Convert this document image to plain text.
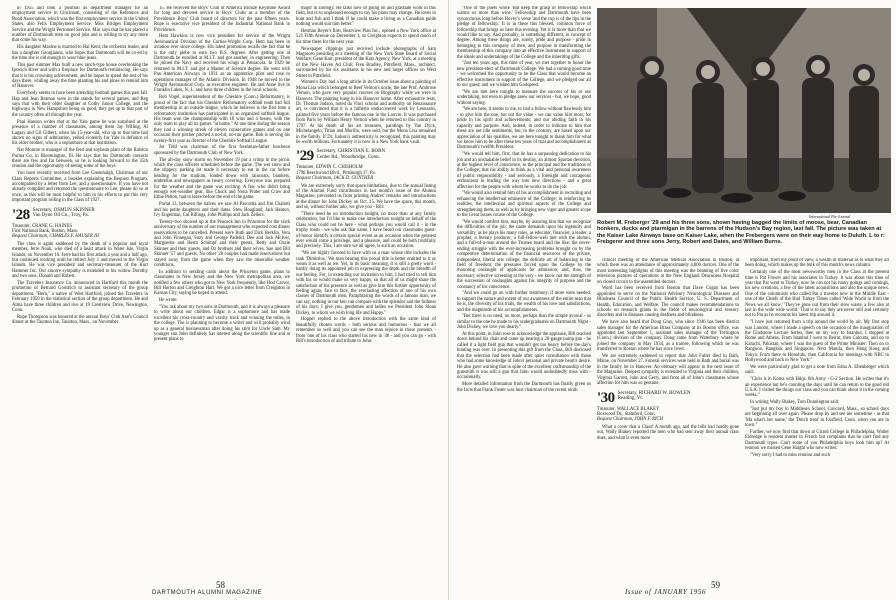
in 1955 and took a position as department manager for an employment service in Cincinnati, consisting of the Reference and Bond Association, which was the first employment service in the United States, also Felix Employment Service. Miss Bridges Employment Service and the Wright Personnel Service. Mac says that he has placed a number of Dartmouth men on good jobs and is willing to try any more that come his way.

His daughter Maxine is married to Hal Kent, the orchestra leader, and has a daughter Georgianna, who hopes that Dartmouth will be co-ed by the time she is old enough to wear blue jeans.

This past summer Max built a new ranch-type house overlooking the Ipswich River and with a fireplace for Dartmouth reminiscing. He says that it is his crowning achievement, and he hopes to spend the rest of his days there, whiling away the time planting his and pines to remind him of Hanover.

Everybody seems to have been attending football games this past fall. Hap and Jean Braman were in the stands for several games, and Reg says that with their older daughter at Colby Junior College, and the highways in New Hampshire being so good, they get up to that part of the country often all through the year.

Paul Hanson writes that at the Yale game he was surprised at the presence of a number of classmates, among them Jay Willing, Al Lagasy and Gil Gilbert, when his 15-year-old, who up to that time had shown no signs of admiration, yelled violently for Yale in defiance of his older brother, who is a sophomore at that institution.

Nat Monroe is manager of the feed and soybean plant of the Ralston Purina Co. in Bloomington, Ill. He says that his Dartmouth contacts there are few and far between, so he is looking forward to the 35th reunion and the opportunity of seeing some of the boys.

You have recently received from Lee Greenhalgh, Chairman of our Class Reports Committee, a booklet explaining the Bequest Program, accompanied by a letter from Lee, and a questionnaire. If you have not already complied and returned the questionnaire to Lee, please do so at once, as this will be most helpful to him in his efforts to put this very important program rolling in the Class of 1927.

'28 Secretary, OSMUN SKINNER
Van Dyne Oil Co., Troy, Pa.
Treasurer, CRANE G. HAINES
First National Bank, Boston, Mass.
Bequest Chairman, CHARLES F. HAUSER III

The class is again saddened by the death of a popular and loyal member, Jerre Noah, who died of a heart attack in Water Isle, Virgin Islands, on November 16. Jerre had his first attack a year and a half ago, but continued working until he retired July 1 and moved to the Virgin Islands. He was vice president and secretary-treasurer of the Kurt Hammer Inc. Our sincere sympathy is extended to his widow Dorothy and two sons, Donald and Robert.

The Travelers Insurance Co. announced in Hartford this month the promotion of Bernard Goodrich to assistant secretary of the group department. "Bern," a native of West Hartford, joined the Travelers in February 1950 in the statistical section of the group department. He and Alma have three children and live at 19 Crestview Drive, Newington, Conn.

Rupe Thompson was honored at the annual Boys' Club Ann's Council dinner at the Taunton Inn, Taunton, Mass., on November

15. He received the Boys' Club of America Bronze Keystone Award for long and devoted service to Boys' Clubs as a member of the Providence Boys' Club board of directors for the past fifteen years. Rupe is executive vice president of the Industrial National Bank in Providence.

Hem Hawkins is now vice president for service of the Wright Aeronautical Division of the Curtiss-Wright Corp. Hem has been in aviation ever since college. His latest promotion recalls the fact that he is the only plebe to earn two B.S. degrees. After getting one at Dartmouth he enrolled at M.I.T. and got another, in engineering. Then he joined the Navy and received his wings at Pensacola. In 1929 he returned to M.I.T. and got a Master of Science degree. He went with Pan American Airways in 1931 as an apprentice pilot and rose to operations manager of the Atlantic Division. In 1948 he moved to the Wright Aeronautical Corp. as executive engineer. He and Anne live in Franklin Lakes, N. J., and have three children in the local schools.

Bob Vogel, superintendent of the Cheshire (Conn.) Reformatory, is proud of the fact that his Cheshire Reformatory softball team had full membership in an outside league, which he believes is the first time a reformatory institution has participated in an organized softball league. His team won the championship with 18 wins and 4 losses, with the only team to play all its games "at home." At one time during the season they had a winning streak of eleven consecutive games and on one occasion their pitcher pitched a no-hit, no-run game. Bob is serving his twenty-first year as director of the Cheshire Softball League.

Jor Tidd was chairman of the first freshman-father luncheon sponsored by the Dartmouth Club of New York.

The all-day snow storm on November 19 put a crimp in the picnic which the class officers scheduled before the game. The wet snow and the slippery parking lot made it necessary to eat in the car before heading for the stadium, loaded down with raincoats, blankets, umbrellas and newspapers as heavy covering. Everyone was prepared for the weather and the game was exciting. A few who didn't bring enough wet-weather gear, like Chuck and Nona Prater and Craw and Ethie Pelton, had to leave before the end of the game.

Portal 13, between the halves we saw Al Pascottia and Jim Chalotti and his petite daughters and their dates. Stew Hoagland, Jack Heaton, Ivy Engelman, Cal Billings, John Phillips and Jack Zellers.

Twenty-two showed up at the Peacock Inn in Princeton for the sixth anniversary of the number of our management who expected cost dinner reservations to be cancelled. Present were Ruth and Dick Berklin, Vera and John Finnegan, Suzy and George Padelid, Dee and Jack McIver, Marguerite and Herm Schimpf and their guests, Betty and Ozzie Skinner and their guests, and Oz brothers and their wives. Sue and Bill Skinner '57 and guests. No other '28 couples had made reservations but stayed away from the game when they saw the miserable weather conditions.

In addition to sending cards about the Princeton game, plans to classmates in New Jersey and the New York metropolitan area, we notified a few others who got to New York frequently, like Hod Carver, Bill Horton and Creighton Hart. We got a nice letter from Creighton in Kansas City, saying he hoped to attend.

He wrote:

"You ask about my two sons at Dartmouth, and it is always a pleasure to write about our children. Edgar is a sophomore and has made excellent his cross-country and varsity track and winning the miles, in the college. The is planning to become a writer and will probably wind up as a general businessman after doing his stint for Uncle Sam. My younger son John definitely has interest along the scientific line and at present plans to

major in zoology. He talks now of going on and graduate work in this field, but is so unpleased enough to say his plans may change. He loves to hunt and fish and I think if he could make a living as a Canadian guide nothing would suit him better."

Herman Beyer's firm, Rearview Plan Inc., opened a New York office at 521 Fifth Avenue on December 1, so Creighton expects to spend much of his time there for the next year.

Newspaper clippings just received include photographs of Sam Magowen presiding at a meeting of the New York State Board of Social Welfare; Gene Karr, president of the Katz Agency, New York, at a meeting of the New Haven Ad Club; Fren Bradley, Pittsfield, Mass., architect, surrounded by his six assistants in his new and larger offices on West Street in Pittsfield.

Women's Day had a long article in its October issue about a painting of Mona Lisa which belonged to Beef Vernon's uncle, the late Prof. Ambrose Vernon, who gave very popular courses on Biography while we were in Hanover. The painting hung in his Hanover home. After exhaustive tests, Dr. Thomas Judson, noted da Vinci scholar and authority on Renaissance art, is convinced that it is a hitherto undiscovered work by Leonardo, painted five years before the famous one in the Louvre. It was purchased from Paris by William Henry Vernon when he returned to this country in 1797. At his death all his art treasures, paintings by Van Dyck, Michelangelo, Titian and Murillo, were sold, but the Mona Lisa remained in the family. If Dr. Judson's authenticity is recognized, this painting may be worth millions. Fortunately it is now in a New York bank vault.

'29 Secretary, CHRISTIAN E. BORN
Center Rd., Woodbridge, Conn.
Treasurer, EDWIN C. CHISHOLM
1796 Beechwood Blvd., Pittsburgh 17, Pa.
Bequest Chairman, JACK D. GUNTHER

We are extremely sorry that space limitations, due to the annual listing of the Alumni Fund contributors in last month's issue of the Alumni Magazine, prevented us from printing Andres' remarks and introductions at the dinner for John Dickey on Oct. 15. We have the space, this month, and so, without further ado, we give you - Bill:

"There need be no introduction tonight, no more than at any family celebration, but I'd like to make one introduction tonight on behalf of the Class who could not be here - what perhaps you would call it - in the trophy room - we who ask that name. I have heard our classmates guest-of-honor identify a certain special event as an occasion when the greatest ever would come a privilege, and a pleasure, and could be both truthfully and precisely. This, I am sure we all agree, is such an occasion.

"We are highly favored to have with us a man whose title includes the rank 'Dimitrios.' We man bearing this proud title is better entitled to it or wears it as well as we. Yet, in its basic meaning, it is still a pretty word - hardly doing its appointed job in expressing the depth and the breadth of our feeling. For, in extending our invitation to him, I had tried to tell him with his so would make us very happy, so that all of us might share the satisfaction of his presence as well as give him this further opportunity of feeling again, face to face, the everlasting affection of one of his own classes of Dartmouth men. Paraphrasing the words of a famous man, we can say, nothing in our ken can compare with the splendor and the fullness of his days; I give you, gentlemen and ladies we President John Sloan Dickey, to whom we wish long life and Happy."

Hopper replied to the above introduction with the same kind of beautifully chosen words - both serious and humorous - that we all remember so well and you can see the man rejoice in those presents - from 'one of his class who started his new in '48 - and you can go - with Bill's introduction of and tribute to John:

58
DARTMOUTH ALUMNI MAGAZINE

"One of the poets wrote 'But keep the grasp of fellowship which warms us more than wine.' Fellowship and Dartmouth have been synonymous long before Hovey's verse 'and the cup is of the lips in the pledge of fellowship.' It is in these this blessed, common force of fellowship that brings us here this evening. Yet it is more than that we would like to say. And probably, is something different, in concept of degree. Among these things are, surely, pride and purpose - pride in belonging to this company of men, and purpose in transforming the membership of this company into an effective instrument in support of the ideals and undertakings of the College and the inheriting gifts.

"Just ten years ago, this time of year, we met together to honor the new president-elect of Dartmouth College. We had a coming good time - we welcomed the opportunity to be the Class that would become an effective instrument in support of the College, and we pledged our all to our guest; and we wished him Godspeed.

"We are met here tonight to measure the success of his or our undertaking, not even to pledge anew our services - but, we hope, good without saying.

"We are here, it seems to me, to hail a fellow without flawlessly him - to give him the one, but not the value - we can value him most, for pride in his spirit and achievements; and our abiding faith in his capacity and purpose. And, indeed, in order to indicate to him that these are not idle sentiments, but, to the contrary, are based upon our appreciation of his qualities, we are here tonight to thank him for what we know him to be after these ten years of trial and accomplishment as Dartmouth's twelfth President.

"We would tell him, first, that he has a surpassing dedication to his job and an unshakable belief in its destiny, an almost Spartan devotion, at the highest level of conscience, to the principal and the traditions of the College; that his ability to think as a vital and personal awareness of public responsibility - and seriously, a foresight and courageous enthusiasm in leading the way into new directions - and a great affection for the people with whom he works to do the job.

"We would also remind him of his accomplishment in recruiting and enhancing the intellectual eminence of the College; in reinforcing its realities, the intellectual and spiritual aspects of the College and strengthening them, as well as by bringing new vigor and greater scope to the Great Issues course of the College.

"We would comfort him, maybe, by assuring him that we recognize the difficulties of the job; the name demands upon his ingenuity and versatility, as he plays his many roles, as educator, financier, a leader, a prophet, a literary producer, a full-fellow-well met with the alumni, and a full-of-a-man around the Trustee board and the like: the never-ending struggle with the ever-increasing problems brought on by the competitive determination of the financial resources of the private, independent, liberal arts college; the delicate art of balancing in the field of freedom; the pressures forced upon the College by the mounting onslaught of applicants for admission; and, thus, the necessary selective screening at the very - we know not the strength of the succession of onslaughts against his integrity of purpose and the constancy of his conscience.

"And we could go on with further testimony, if more were needed, to support the nature and extent of our awareness of the entire man that he is, the diversity of his trials, the wealth of his love and satisfactions, and the magnitude of his accomplishments.

"But there is no need, no more, perhaps than the simple avowal - so similar to the one he made to his undergraduates on Dartmouth Night - John Dickey, we love you dearly."

At this point, in John rose to acknowledge the applause, Bill reached down behind his chair and came up bearing a 20-gauge pump gun - he called it a light field gun that wouldn't get too heavy before the day's hunting was over. In presenting this gift from the Class, Bill disclosed that the selection had been made after quiet consultation with those who had some knowledge of John's personal and private heart's desire. He also gave warning that in spite of the excellent craftsmanship of the gunsmith it was still a gun that John would undoubtedly miss with - occasionally.

More detailed information from the Dartmouth has finally given us the facts that Frank Foster was host chairman of the recent ninth

International Pix-Journal
Robert M. Frebergrr '29 and his three sons, shown having bagged the limits of moose, bear, Canadian honkers, ducks and ptarmigan in the barrens of the Hudson's Bay region, last fall. The picture was taken at the Kaiser Lake Airways base on Kaiser Lake, when the Frebergers were on their way home to Duluth. L to r: Frebgerer and three sons Jerry, Robert and Dates, and William Burns.

clinical meeting of the American Medical Association in Boston, at which there was an attendance of approximately 4,000 doctors. One of the most interesting highlights of this meeting was the beaming of live color television pictures of operations at the New England Deaconess Hospital on closed circuit to the assembled doctors.

Word has been received from Boston that Dave Cogan has been appointed to serve on the National Advisory Neurological Diseases and Blindness Council of the Public Health Service, U. S. Department of Health, Education, and Welfare. The council makes recommendations to schools on research grants in the fields of neurological and sensory disorders and in diseases causing deafness and blindness.

We have also heard that Doug Gray, who since 1946 has been district sales manager for the American Brass Company at its Boston office, was appointed last September 1, assistant sales manager of the Torrington (Conn.) division of the company. Doug came from Waterbury where he joined the company in May 1934, as a trainee, following which he was transferred to Boston where he has since lived.

We are extremely saddened to report that John Fuller died in Bath, Maine, on November 27. Funeral services were held in Bath and burial was in the family lot in Hanover. An obituary will appear in the next issue of the Magazine. Deepest sympathy is extended to Virginia and their children, Virginia Garrett, John and Gerry, and from all of John's classmates whose affection for him was so genuine.

'30 Secretary, RICHARD W. BOWLEN
Reading, Vt.
Treasurer, WALLACE BLAKEY
Boxwood Dr., Stamford, Conn.
Bequest Chairman, JOHN F. RICH

What a cover that a Class! A month ago, and the bills had hardly gone out, Wally Blakey reported the men who had sent away their annual class dues, and what is even more

important, from my point of view, a wealth of material as to what they all been doing, which makes up the bulk of this month's news column.

Certainly one of the most newsworthy men in the Class at the present time is Pat Flower and his associates in Turkey. It was about this time of year that Pat went to Turkey, now he can not his many goings and comings, his new creations, a few of the latest acquisitions and also the unique news. One of the columnists who called Pat a traveler now in the Middle East - one of the Chiefs of the Hud Turkey Times called 'Wide World in from the News we all know.' 'They've gone out from their slow waste, a few also at last in the wide wide world.' That is to say they are never still and certainly not to Pat as he recounts his latest trip around it.

"I have just returned from a trip around the world by air. My first stop was London, where I made a speech on the occasion of the inauguration of the Gladstone Lecture Series, then on my way to Istanbul, I stopped at Rome and Athens. From Istanbul I went to Beirut, then Calcutta, and on to Karachi, Pakistan, where I was the guest of the Prime Minister. Then on to Rangoon, Bangkok and Singapore. Next Manila, then Hong Kong and Tokyo. From there to Honolulu, then California for meetings with NBC in Hollywood and back to New York."

We were particularly glad to get a note from Edna A. Ellenberger which said:

"Chris is in Korea with Hdqs. 8th Army - G-2 Section. He writes that it's an experience but he's counting the days until he can return to the good old U.S.A. I visited the things our class and you can think about it in the coming weeks."

In writing Wally Blakey, Tom Dunnington said:

"Just put my boy in Middlesex School, Concord, Mass., so school days are beginning all over again. Please drop by and see me sometime - as that 'Ma what's her name,' the 'Dutch treat' in Fairfield, Conn. when you are in town."

Further, we now find that down at Girard College in Philadelphia, Walter Eldredge is resident master in French but complains that he can't find any Dartmouth types. Can't some of you Philadelphia boys look him up? At reunion we missed Gene Haight who now writes:

"Very sorry I had to miss reunion and such

Issue of JANUARY 1956
59
